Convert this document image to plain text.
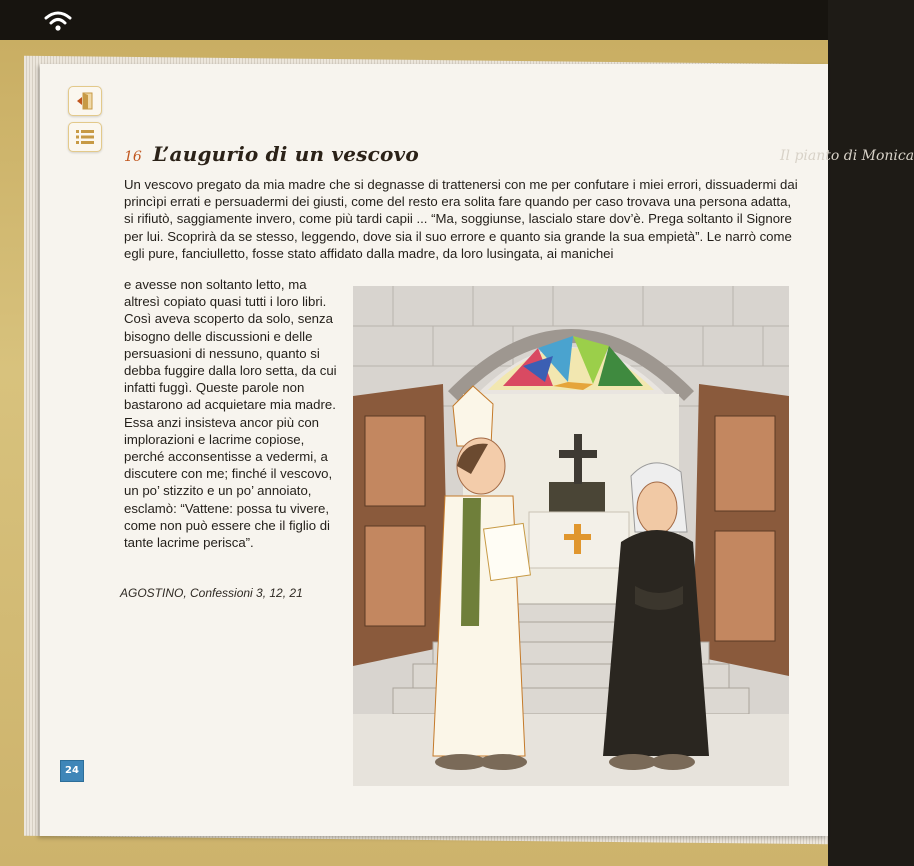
Il pianto di Monica
16 L’augurio di un vescovo

Un vescovo pregato da mia madre che si degnasse di trattenersi con me per confutare i miei errori, dissuadermi dai princìpi errati e persuadermi dei giusti, come del resto era solita fare quando per caso trovava una persona adatta, si rifiutò, saggiamente invero, come più tardi capii ... “Ma, soggiunse, lascialo stare dov’è. Prega soltanto il Signore per lui. Scoprirà da se stesso, leggendo, dove sia il suo errore e quanto sia grande la sua empietà”. Le narrò come egli pure, fanciulletto, fosse stato affidato dalla madre, da loro lusingata, ai manichei

e avesse non soltanto letto, ma altresì copiato quasi tutti i loro libri. Così aveva scoperto da solo, senza bisogno delle discussioni e delle persuasioni di nessuno, quanto si debba fuggire dalla loro setta, da cui infatti fuggì. Queste parole non bastarono ad acquietare mia madre. Essa anzi insisteva ancor più con implorazioni e lacrime copiose, perché acconsentisse a vedermi, a discutere con me; finché il vescovo, un po’ stizzito e un po’ annoiato, esclamò: “Vattene: possa tu vivere, come non può essere che il figlio di tante lacrime perisca”.

AGOSTINO, Confessioni 3, 12, 21
24
